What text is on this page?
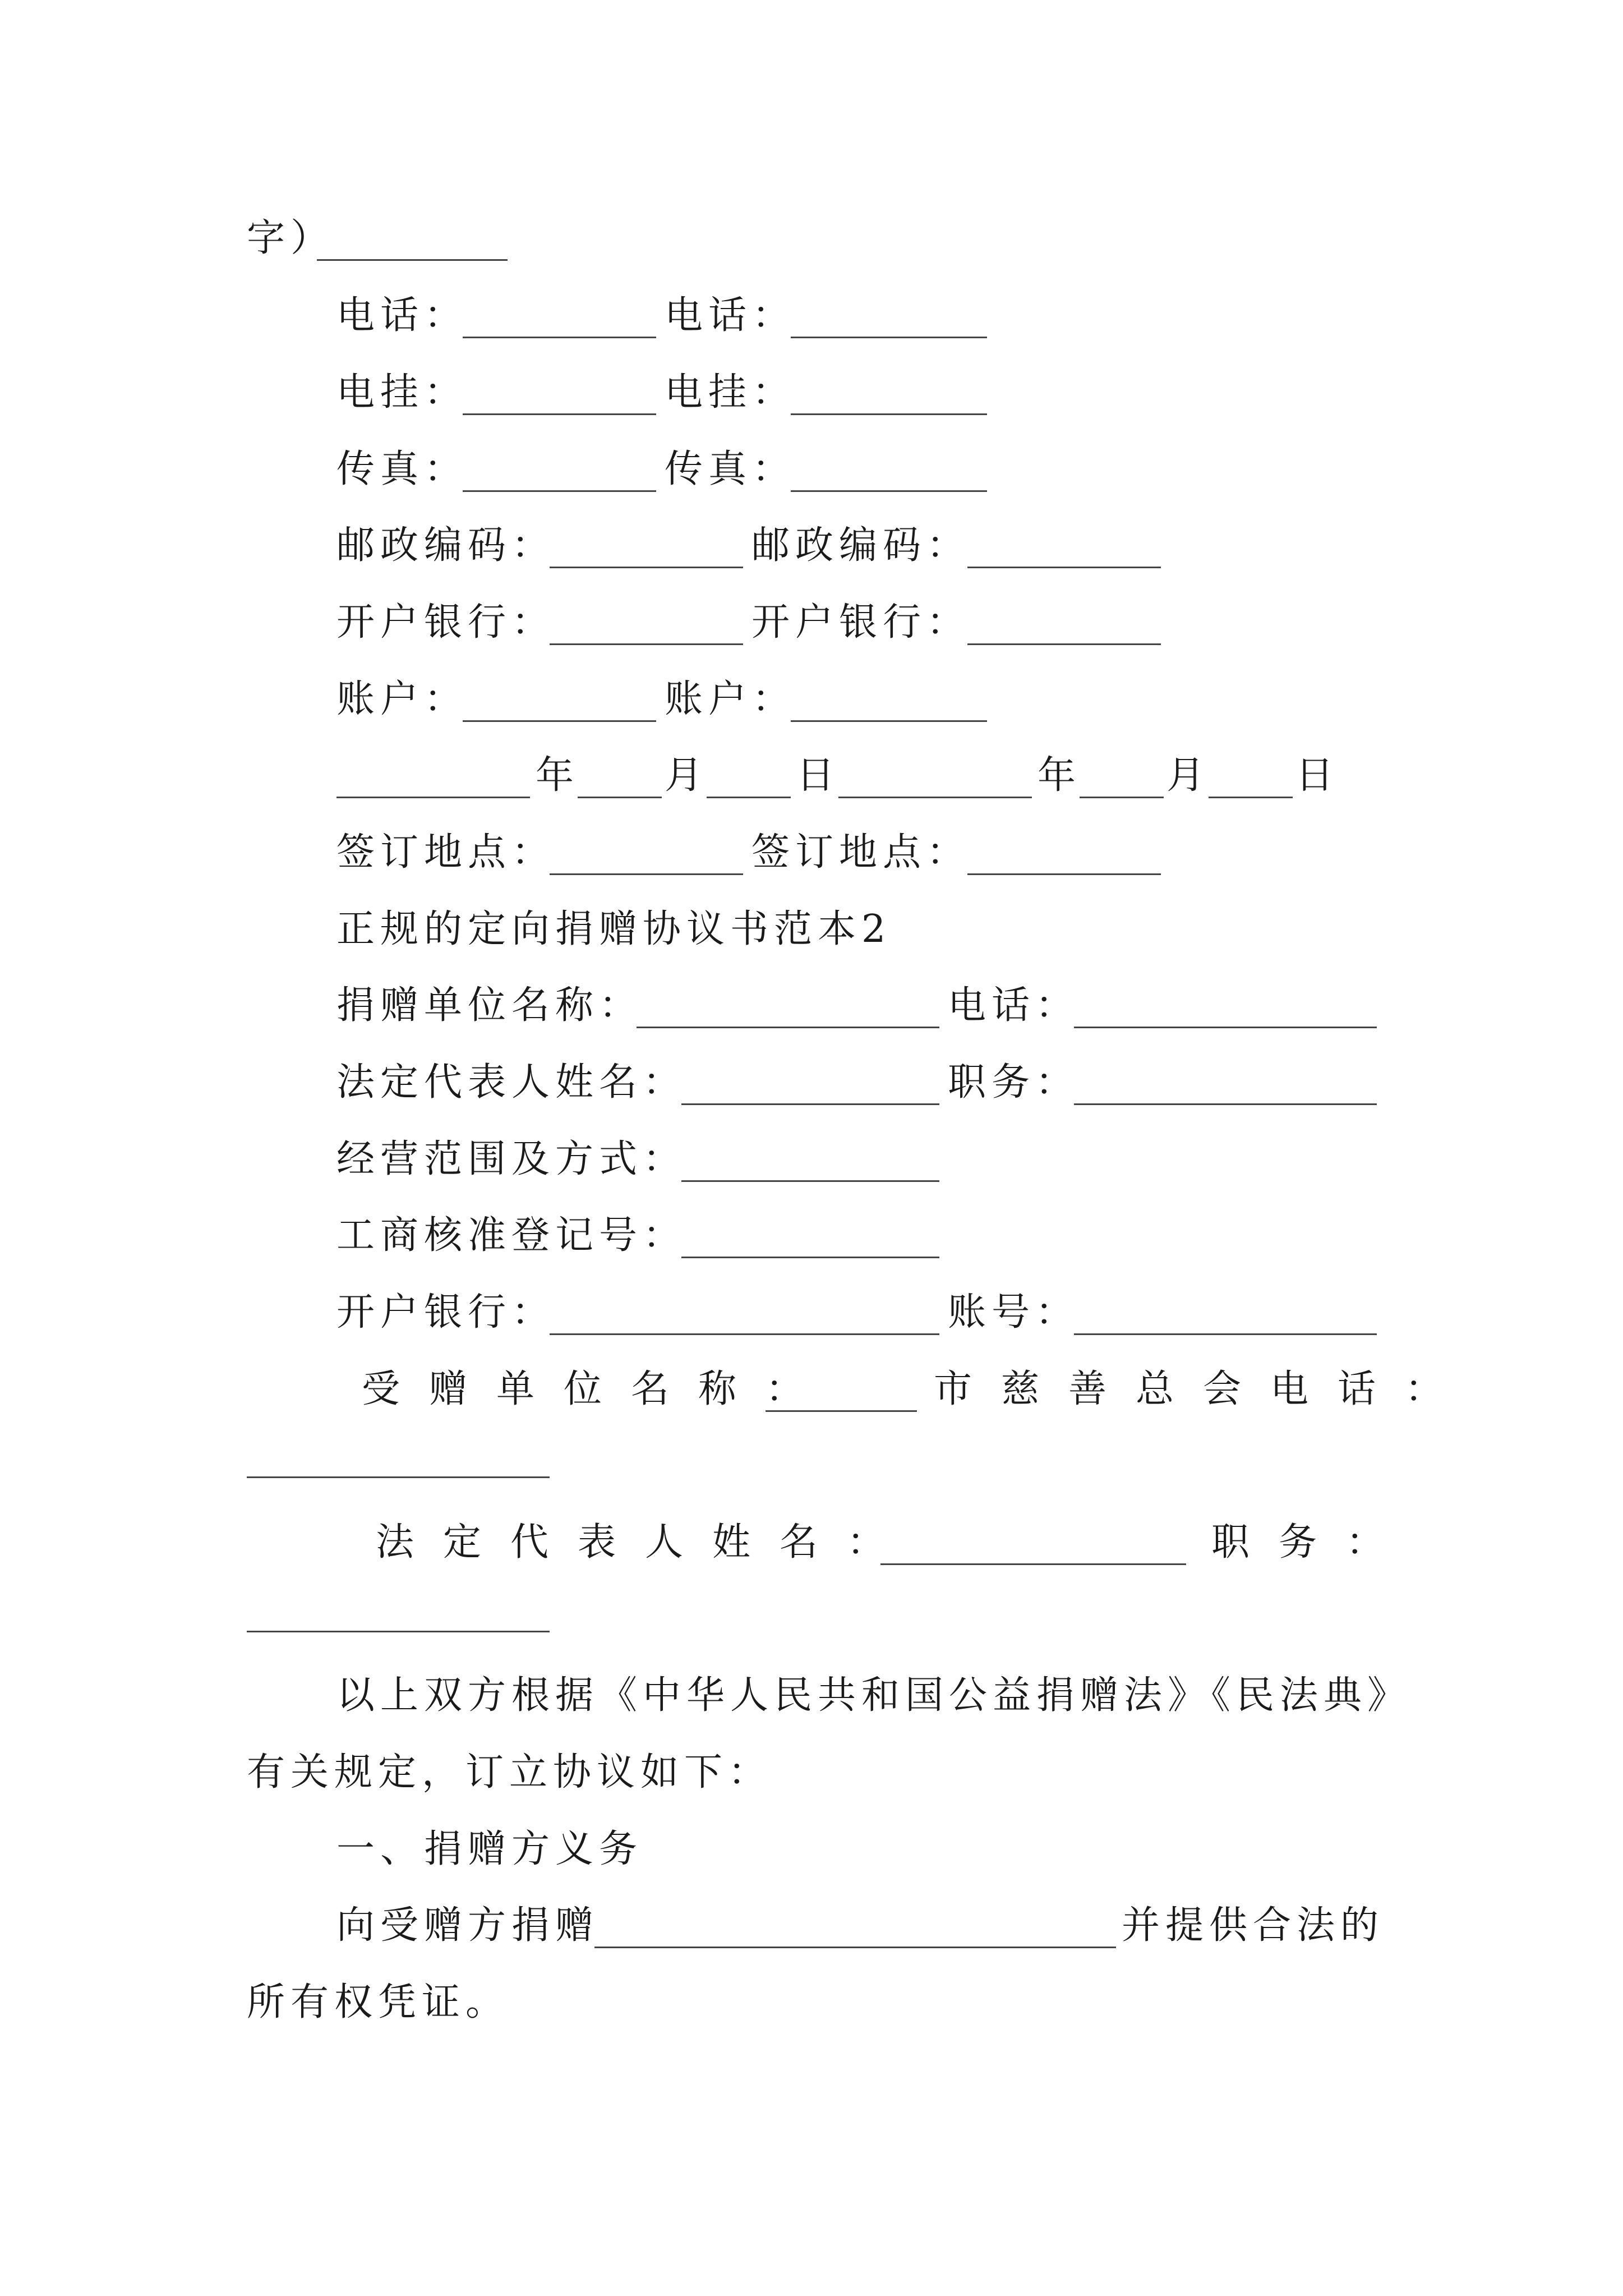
字）
电话：	电话：
电挂：	电挂：
传真：	传真：
邮政编码：	邮政编码：
开户银行：	开户银行：
账户：	账户：
年 月 日	年 月 日
签订地点：	签订地点：
正规的定向捐赠协议书范本2
捐赠单位名称：	电话：
法定代表人姓名：	职务：
经营范围及方式：
工商核准登记号：
开户银行：	账号：
受赠单位名称：	市慈善总会电话：
法定代表人姓名：	职务：
以上双方根据《中华人民共和国公益捐赠法》《民法典》
有关规定，订立协议如下：
一、捐赠方义务
向受赠方捐赠	并提供合法的
所有权凭证。
